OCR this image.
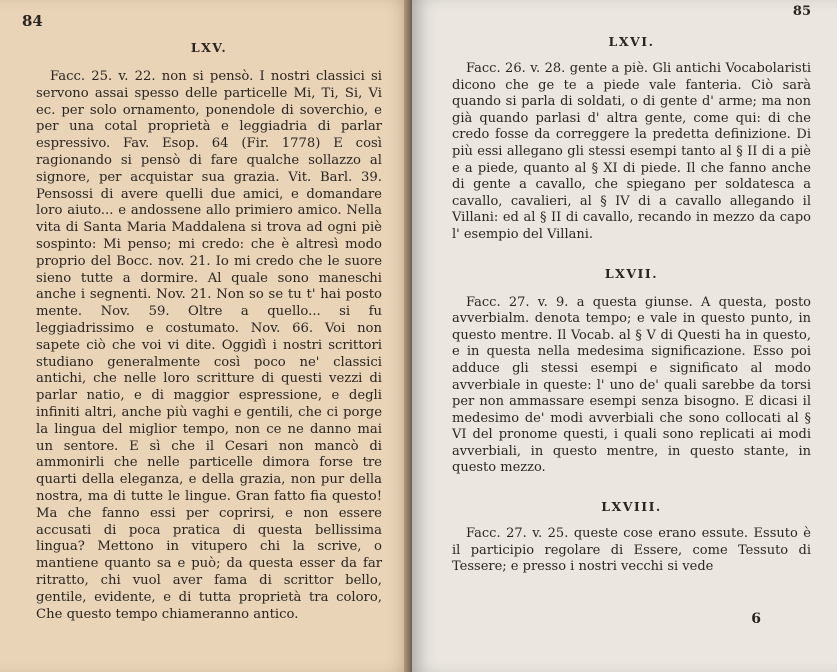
84
LXV.

Facc. 25. v. 22. non si pensò. I nostri classici si servono assai spesso delle particelle Mi, Ti, Si, Vi ec. per solo ornamento, ponendole di soverchio, e per una cotal proprietà e leggiadria di parlar espressivo. Fav. Esop. 64 (Fir. 1778) E così ragionando si pensò di fare qualche sollazzo al signore, per acquistar sua grazia. Vit. Barl. 39. Pensossi di avere quelli due amici, e domandare loro aiuto... e andossene allo primiero amico. Nella vita di Santa Maria Maddalena si trova ad ogni piè sospinto: Mi penso; mi credo: che è altresì modo proprio del Bocc. nov. 21. Io mi credo che le suore sieno tutte a dormire. Al quale sono maneschi anche i segnenti. Nov. 21. Non so se tu t' hai posto mente. Nov. 59. Oltre a quello... si fu leggiadrissimo e costumato. Nov. 66. Voi non sapete ciò che voi vi dite. Oggidì i nostri scrittori studiano generalmente così poco ne' classici antichi, che nelle loro scritture di questi vezzi di parlar natio, e di maggior espressione, e degli infiniti altri, anche più vaghi e gentili, che ci porge la lingua del miglior tempo, non ce ne danno mai un sentore. E sì che il Cesari non mancò di ammonirli che nelle particelle dimora forse tre quarti della eleganza, e della grazia, non pur della nostra, ma di tutte le lingue. Gran fatto fia questo! Ma che fanno essi per coprirsi, e non essere accusati di poca pratica di questa bellissima lingua? Mettono in vitupero chi la scrive, o mantiene quanto sa e può; da questa esser da far ritratto, chi vuol aver fama di scrittor bello, gentile, evidente, e di tutta proprietà tra coloro, Che questo tempo chiameranno antico.

85
LXVI.

Facc. 26. v. 28. gente a piè. Gli antichi Vocabolaristi dicono che ge te a piede vale fanteria. Ciò sarà quando si parla di soldati, o di gente d' arme; ma non già quando parlasi d' altra gente, come qui: di che credo fosse da correggere la predetta definizione. Di più essi allegano gli stessi esempi tanto al § II di a piè e a piede, quanto al § XI di piede. Il che fanno anche di gente a cavallo, che spiegano per soldatesca a cavallo, cavalieri, al § IV di a cavallo allegando il Villani: ed al § II di cavallo, recando in mezzo da capo l' esempio del Villani.

LXVII.

Facc. 27. v. 9. a questa giunse. A questa, posto avverbialm. denota tempo; e vale in questo punto, in questo mentre. Il Vocab. al § V di Questi ha in questo, e in questa nella medesima significazione. Esso poi adduce gli stessi esempi e significato al modo avverbiale in queste: l' uno de' quali sarebbe da torsi per non ammassare esempi senza bisogno. E dicasi il medesimo de' modi avverbiali che sono collocati al § VI del pronome questi, i quali sono replicati ai modi avverbiali, in questo mentre, in questo stante, in questo mezzo.

LXVIII.

Facc. 27. v. 25. queste cose erano essute. Essuto è il participio regolare di Essere, come Tessuto di Tessere; e presso i nostri vecchi si vede

6
